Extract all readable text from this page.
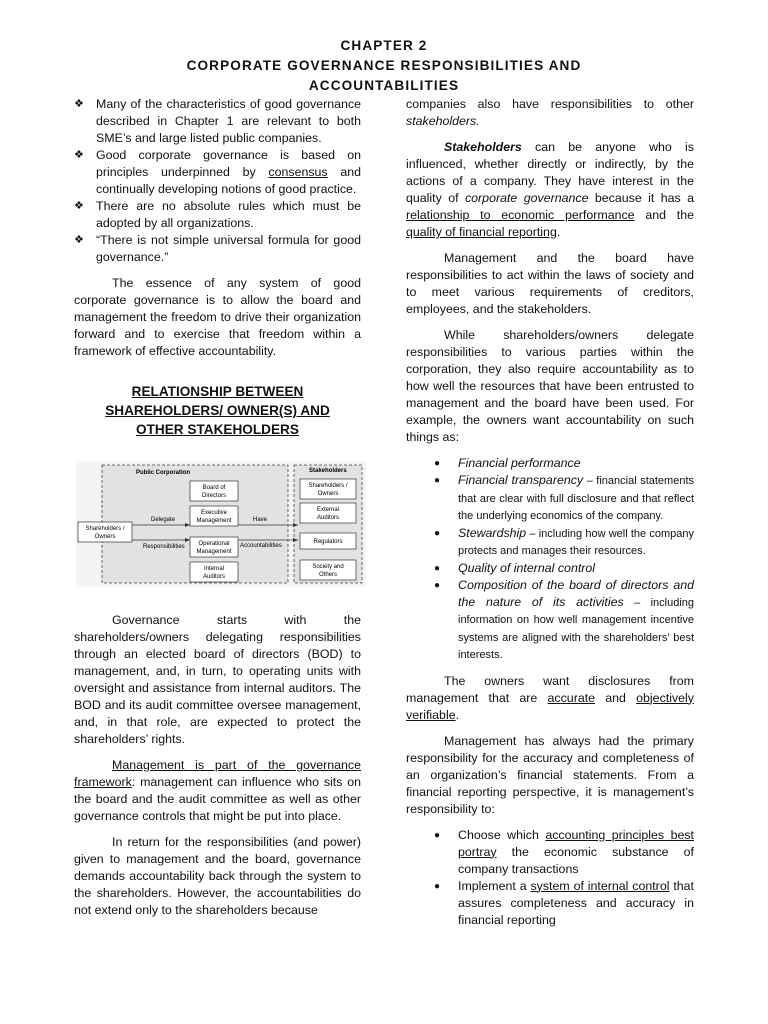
CHAPTER 2
CORPORATE GOVERNANCE RESPONSIBILITIES AND
ACCOUNTABILITIES
❖ Many of the characteristics of good governance described in Chapter 1 are relevant to both SME’s and large listed public companies.
❖ Good corporate governance is based on principles underpinned by consensus and continually developing notions of good practice.
❖ There are no absolute rules which must be adopted by all organizations.
❖ “There is not simple universal formula for good governance.”

The essence of any system of good corporate governance is to allow the board and management the freedom to drive their organization forward and to exercise that freedom within a framework of effective accountability.

RELATIONSHIP BETWEEN
SHAREHOLDERS/ OWNER(S) AND
OTHER STAKEHOLDERS
Public Corporation	Stakeholders
Board of
Directors
Executive
Management
Operational
Management
Internal
Auditors
Shareholders /
Owners
Delegate
Responsibilities
Have
Accountabilities
Shareholders /
Owners
External
Auditors
Regulators
Society and
Others

Governance starts with the shareholders/owners delegating responsibilities through an elected board of directors (BOD) to management, and, in turn, to operating units with oversight and assistance from internal auditors. The BOD and its audit committee oversee management, and, in that role, are expected to protect the shareholders’ rights.

Management is part of the governance framework: management can influence who sits on the board and the audit committee as well as other governance controls that might be put into place.

In return for the responsibilities (and power) given to management and the board, governance demands accountability back through the system to the shareholders. However, the accountabilities do not extend only to the shareholders because

companies also have responsibilities to other stakeholders.

Stakeholders can be anyone who is influenced, whether directly or indirectly, by the actions of a company. They have interest in the quality of corporate governance because it has a relationship to economic performance and the quality of financial reporting.

Management and the board have responsibilities to act within the laws of society and to meet various requirements of creditors, employees, and the stakeholders.

While shareholders/owners delegate responsibilities to various parties within the corporation, they also require accountability as to how well the resources that have been entrusted to management and the board have been used. For example, the owners want accountability on such things as:

● Financial performance
● Financial transparency – financial statements that are clear with full disclosure and that reflect the underlying economics of the company.
● Stewardship – including how well the company protects and manages their resources.
● Quality of internal control
● Composition of the board of directors and the nature of its activities – including information on how well management incentive systems are aligned with the shareholders’ best interests.

The owners want disclosures from management that are accurate and objectively verifiable.

Management has always had the primary responsibility for the accuracy and completeness of an organization’s financial statements. From a financial reporting perspective, it is management’s responsibility to:

● Choose which accounting principles best portray the economic substance of company transactions
● Implement a system of internal control that assures completeness and accuracy in financial reporting
